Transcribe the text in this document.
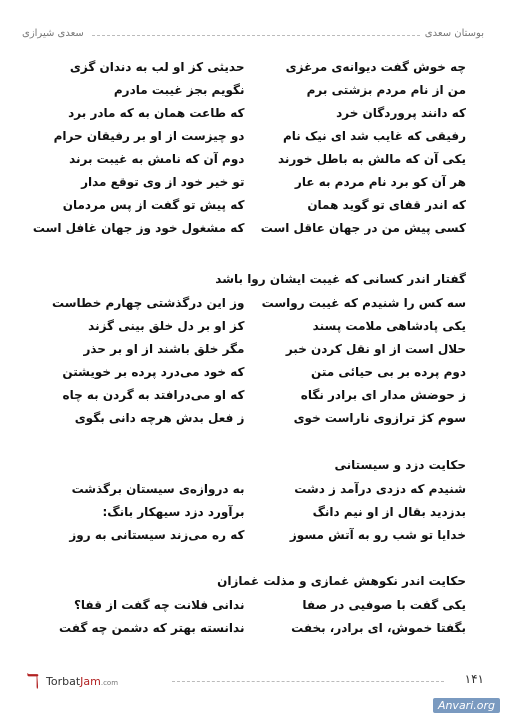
بوستان سعدی
سعدی شیرازی
چه خوش گفت دیوانه‌ی مرغزی
حدیثی کز او لب به دندان گزی
من از نام مردم بزشتی برم
نگویم بجز غیبت مادرم
که دانند پروردگان خرد
که طاعت همان به که مادر برد
رفیقی که غایب شد ای نیک نام
دو چیزست از او بر رفیقان حرام
یکی آن که مالش به باطل خورند
دوم آن که نامش به غیبت برند
هر آن کو برد نام مردم به عار
تو خیر خود از وی توقع مدار
که اندر قفای تو گوید همان
که پیش تو گفت از پس مردمان
کسی پیش من در جهان عاقل است
که مشغول خود وز جهان غافل است
گفتار اندر کسانی که غیبت ایشان روا باشد
سه کس را شنیدم که غیبت رواست
وز این درگذشتی چهارم خطاست
یکی پادشاهی ملامت پسند
کز او بر دل خلق بینی گزند
حلال است از او نقل کردن خبر
مگر خلق باشند از او بر حذر
دوم پرده بر بی حیائی متن
که خود می‌درد پرده بر خویشتن
ز حوضش مدار ای برادر نگاه
که او می‌درافتد به گردن به چاه
سوم کژ ترازوی ناراست خوی
ز فعل بدش هرچه دانی بگوی
حکایت دزد و سیستانی
شنیدم که دزدی درآمد ز دشت
به دروازه‌ی سیستان برگذشت
بدزدید بقال از او نیم دانگ
برآورد دزد سیهکار بانگ:
خدایا تو شب رو به آتش مسوز
که ره می‌زند سیستانی به روز
حکایت اندر نکوهش غمازی و مذلت غمازان
یکی گفت با صوفیی در صفا
ندانی فلانت چه گفت از قفا؟
بگفتا خموش، ای برادر، بخفت
ندانسته بهتر که دشمن چه گفت
۱۴۱
ℸ TorbatJam.com
Anvari.org
